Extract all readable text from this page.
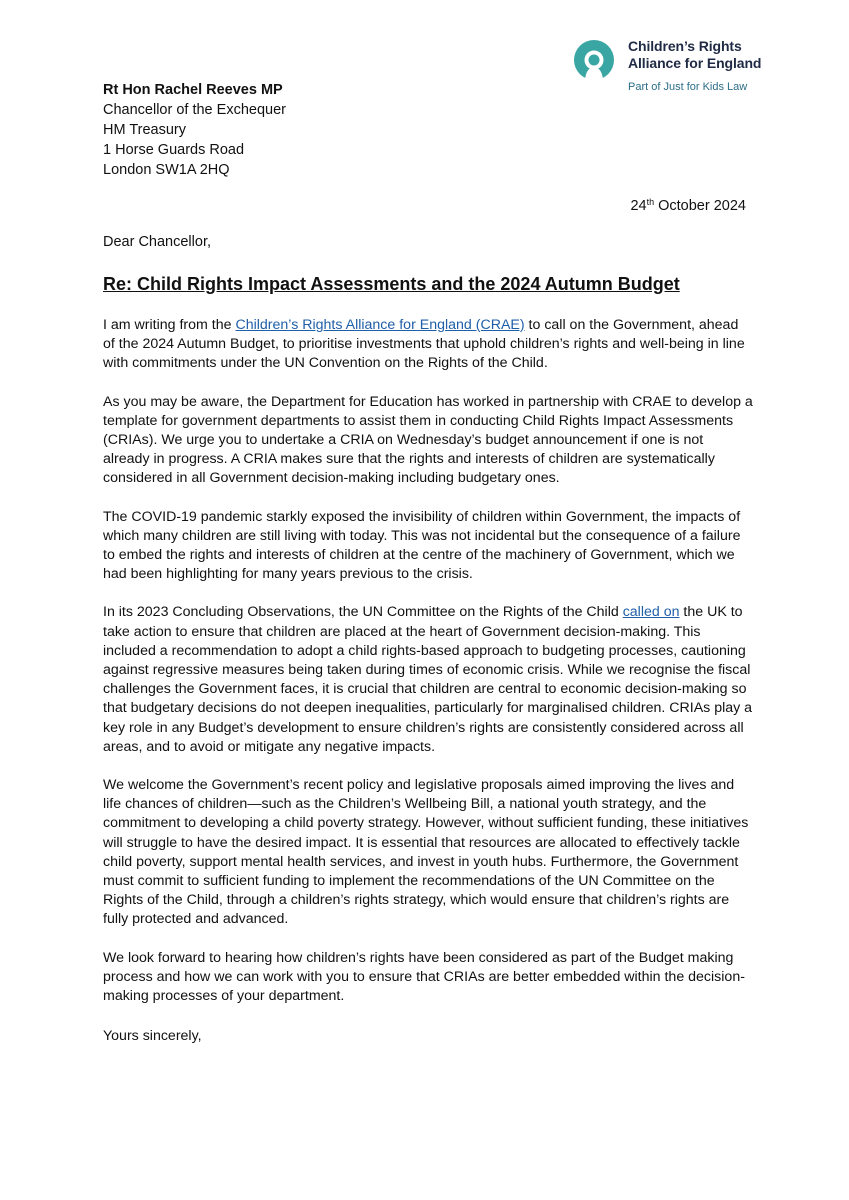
Children’s Rights
Alliance for England
Part of Just for Kids Law
Rt Hon Rachel Reeves MP
Chancellor of the Exchequer
HM Treasury
1 Horse Guards Road
London SW1A 2HQ
24th October 2024
Dear Chancellor,
Re: Child Rights Impact Assessments and the 2024 Autumn Budget

I am writing from the Children’s Rights Alliance for England (CRAE) to call on the Government, ahead of the 2024 Autumn Budget, to prioritise investments that uphold children’s rights and well-being in line with commitments under the UN Convention on the Rights of the Child.

As you may be aware, the Department for Education has worked in partnership with CRAE to develop a template for government departments to assist them in conducting Child Rights Impact Assessments (CRIAs). We urge you to undertake a CRIA on Wednesday’s budget announcement if one is not already in progress. A CRIA makes sure that the rights and interests of children are systematically considered in all Government decision-making including budgetary ones.

The COVID-19 pandemic starkly exposed the invisibility of children within Government, the impacts of which many children are still living with today. This was not incidental but the consequence of a failure to embed the rights and interests of children at the centre of the machinery of Government, which we had been highlighting for many years previous to the crisis.

In its 2023 Concluding Observations, the UN Committee on the Rights of the Child called on the UK to take action to ensure that children are placed at the heart of Government decision-making. This included a recommendation to adopt a child rights-based approach to budgeting processes, cautioning against regressive measures being taken during times of economic crisis. While we recognise the fiscal challenges the Government faces, it is crucial that children are central to economic decision-making so that budgetary decisions do not deepen inequalities, particularly for marginalised children. CRIAs play a key role in any Budget’s development to ensure children’s rights are consistently considered across all areas, and to avoid or mitigate any negative impacts.

We welcome the Government’s recent policy and legislative proposals aimed improving the lives and life chances of children—such as the Children’s Wellbeing Bill, a national youth strategy, and the commitment to developing a child poverty strategy. However, without sufficient funding, these initiatives will struggle to have the desired impact. It is essential that resources are allocated to effectively tackle child poverty, support mental health services, and invest in youth hubs. Furthermore, the Government must commit to sufficient funding to implement the recommendations of the UN Committee on the Rights of the Child, through a children’s rights strategy, which would ensure that children’s rights are fully protected and advanced.

We look forward to hearing how children’s rights have been considered as part of the Budget making process and how we can work with you to ensure that CRIAs are better embedded within the decision-making processes of your department.

Yours sincerely,
